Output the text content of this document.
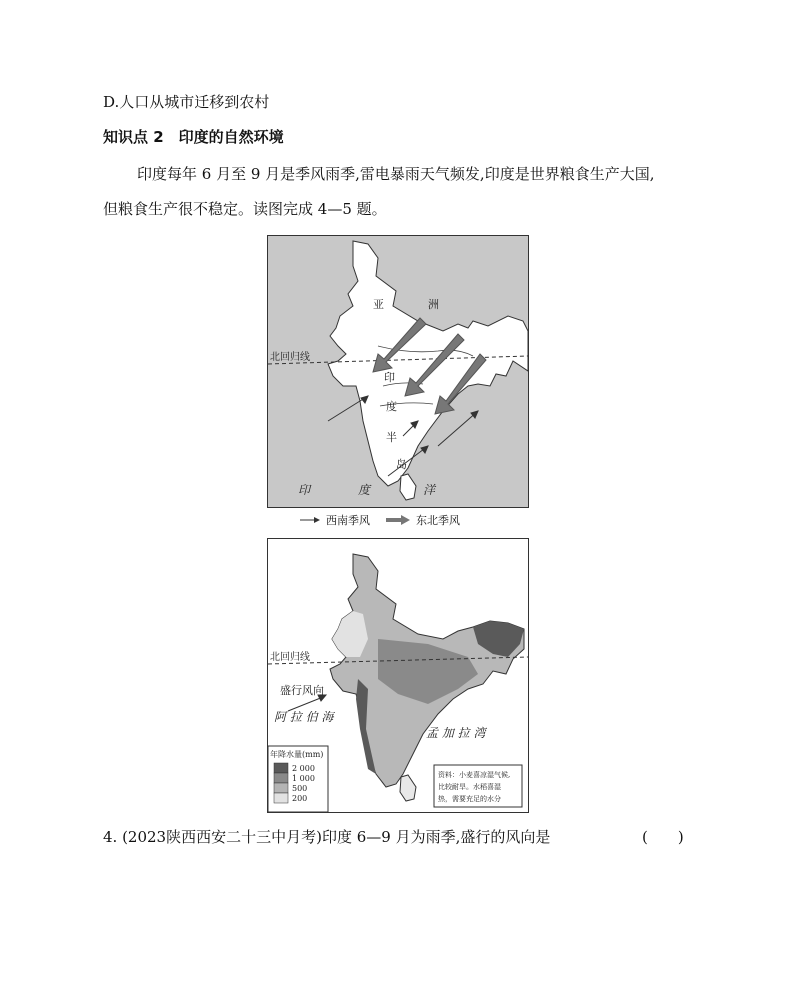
D.人口从城市迁移到农村
知识点 2　印度的自然环境
印度每年 6 月至 9 月是季风雨季,雷电暴雨天气频发,印度是世界粮食生产大国,
但粮食生产很不稳定。读图完成 4—5 题。
亚	洲
北回归线
印
度
半
岛
印	度	洋
西南季风	东北季风
北回归线
盛行风向
阿 拉 伯 海
孟 加 拉 湾
年降水量(mm)
2 000
1 000
500
200
资料：小麦喜凉湿气候,
比较耐旱。水稻喜湿
热，需要充足的水分
4. (2023陕西西安二十三中月考)印度 6—9 月为雨季,盛行的风向是	(　　)
